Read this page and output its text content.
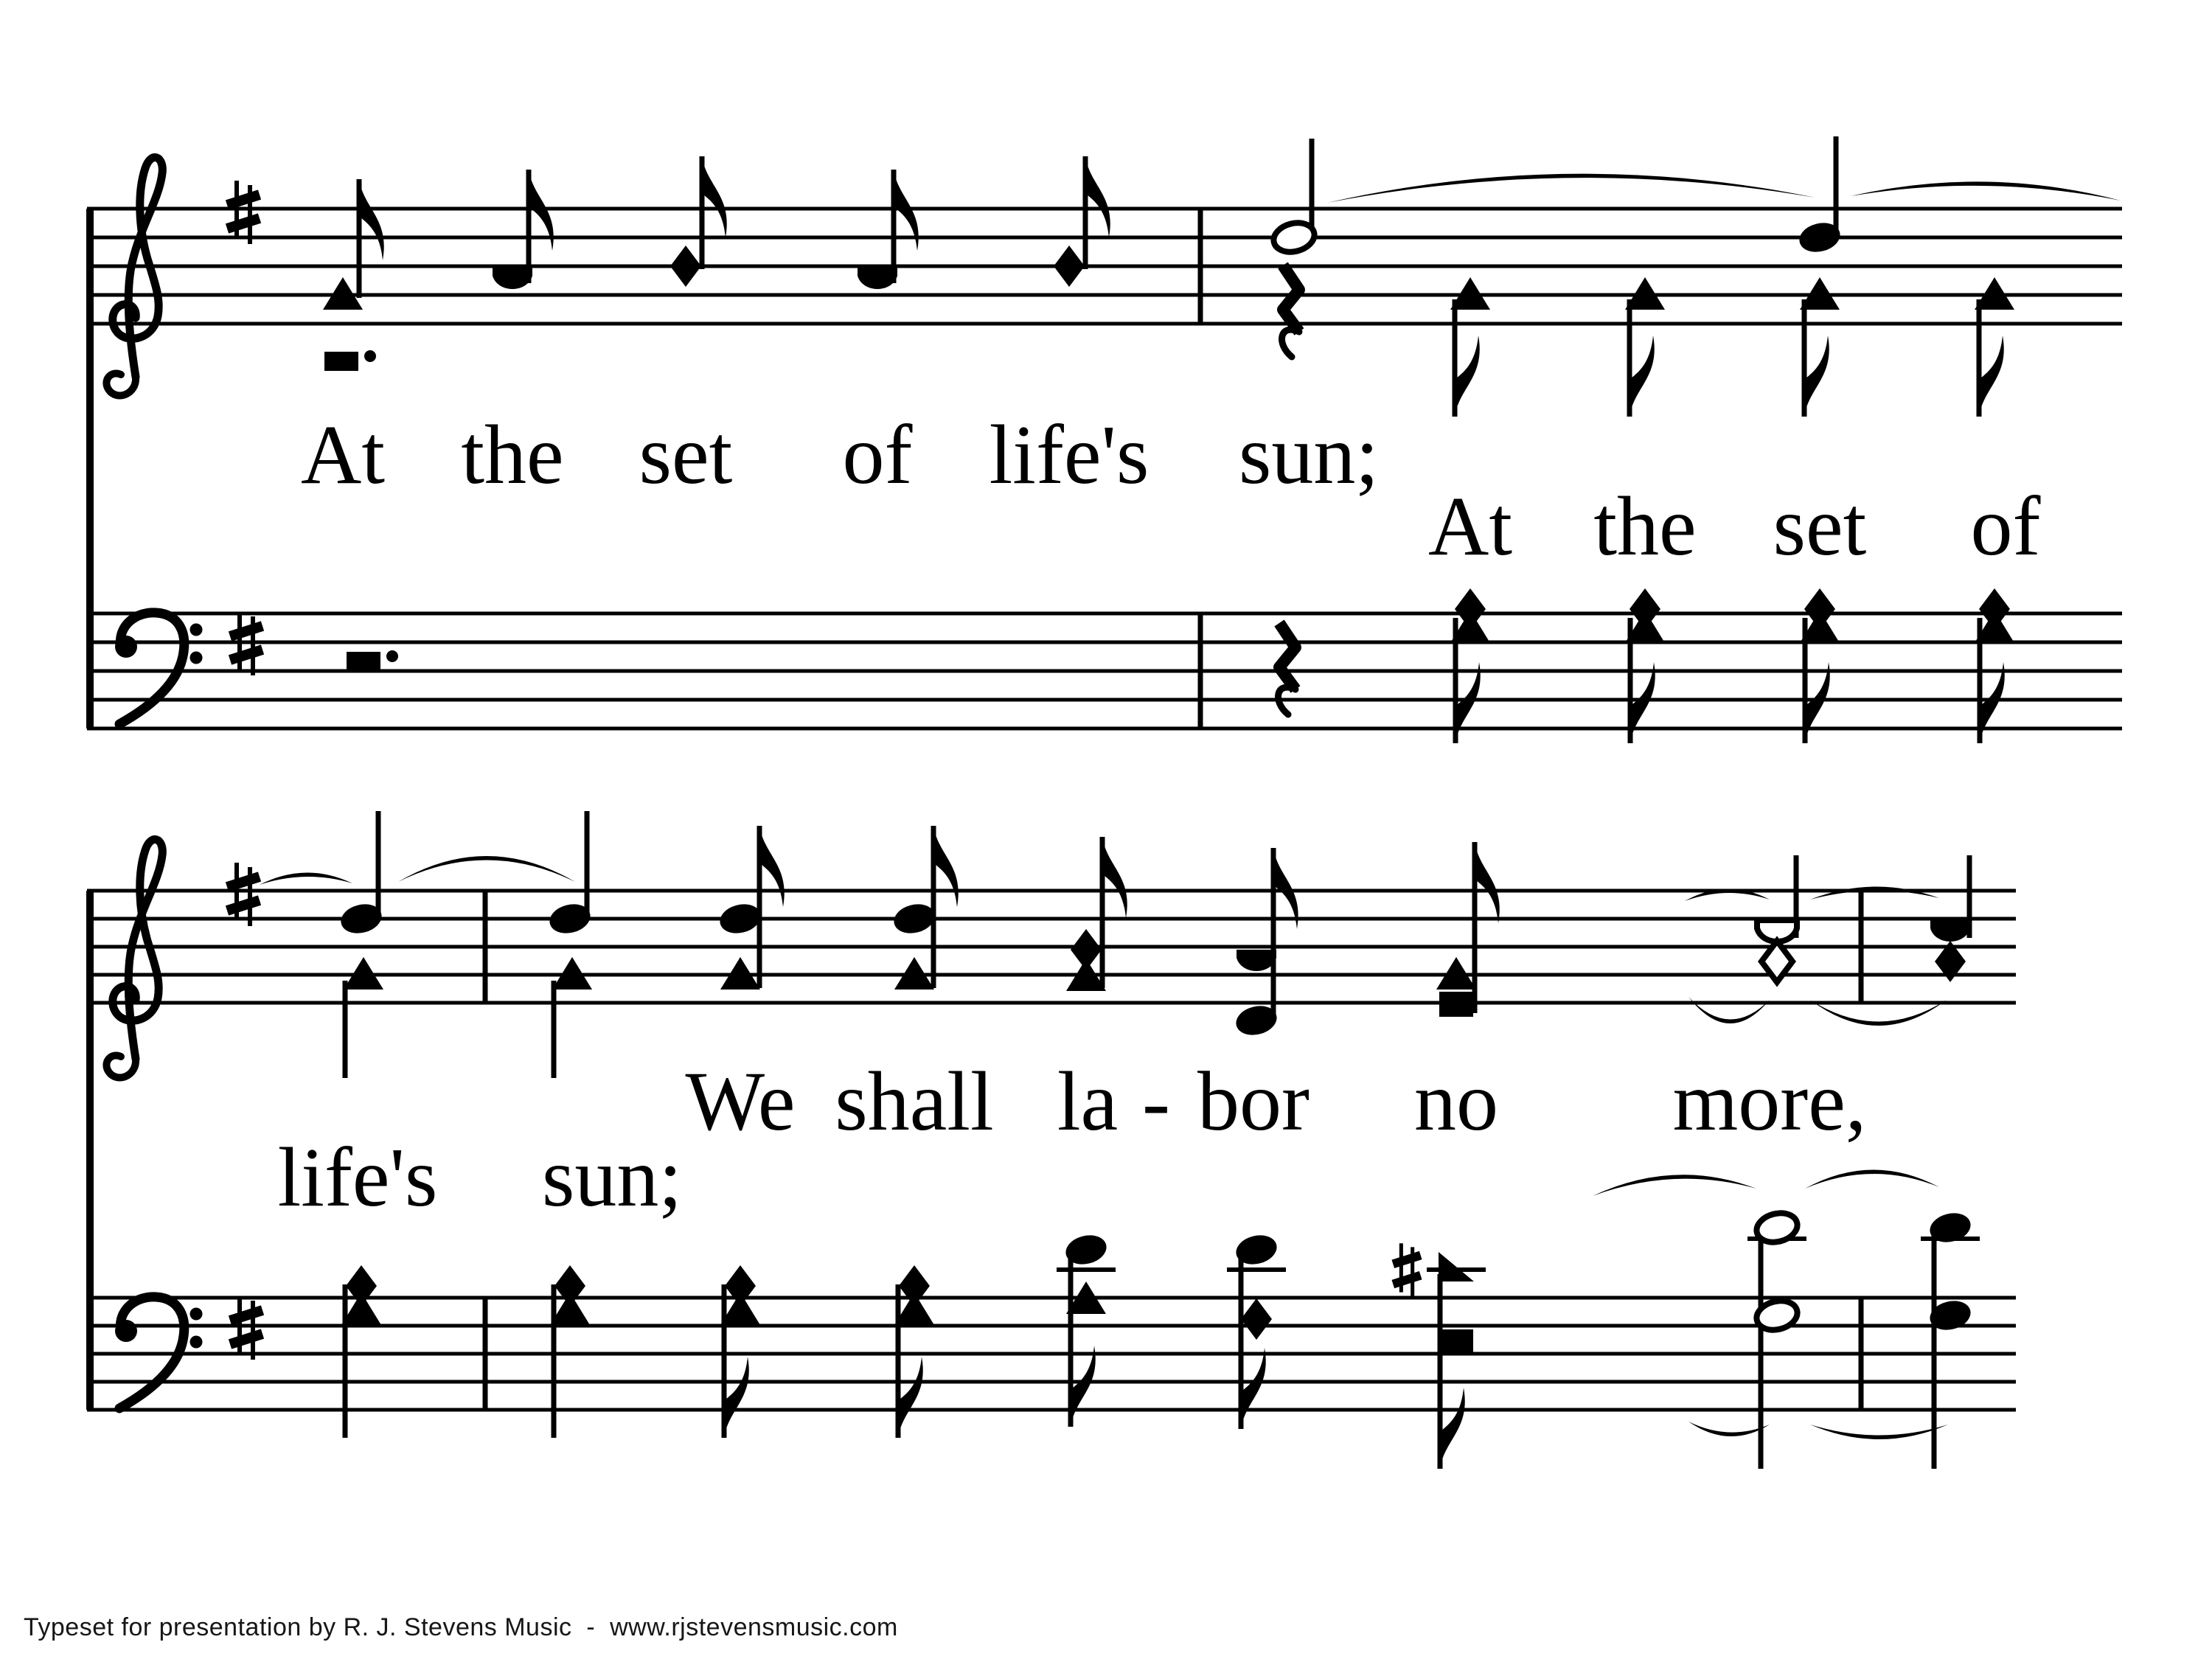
At the set of life's sun;
At the set of
We shall la - bor no more,
life's sun;
Typeset for presentation by R. J. Stevens Music  -  www.rjstevensmusic.com
